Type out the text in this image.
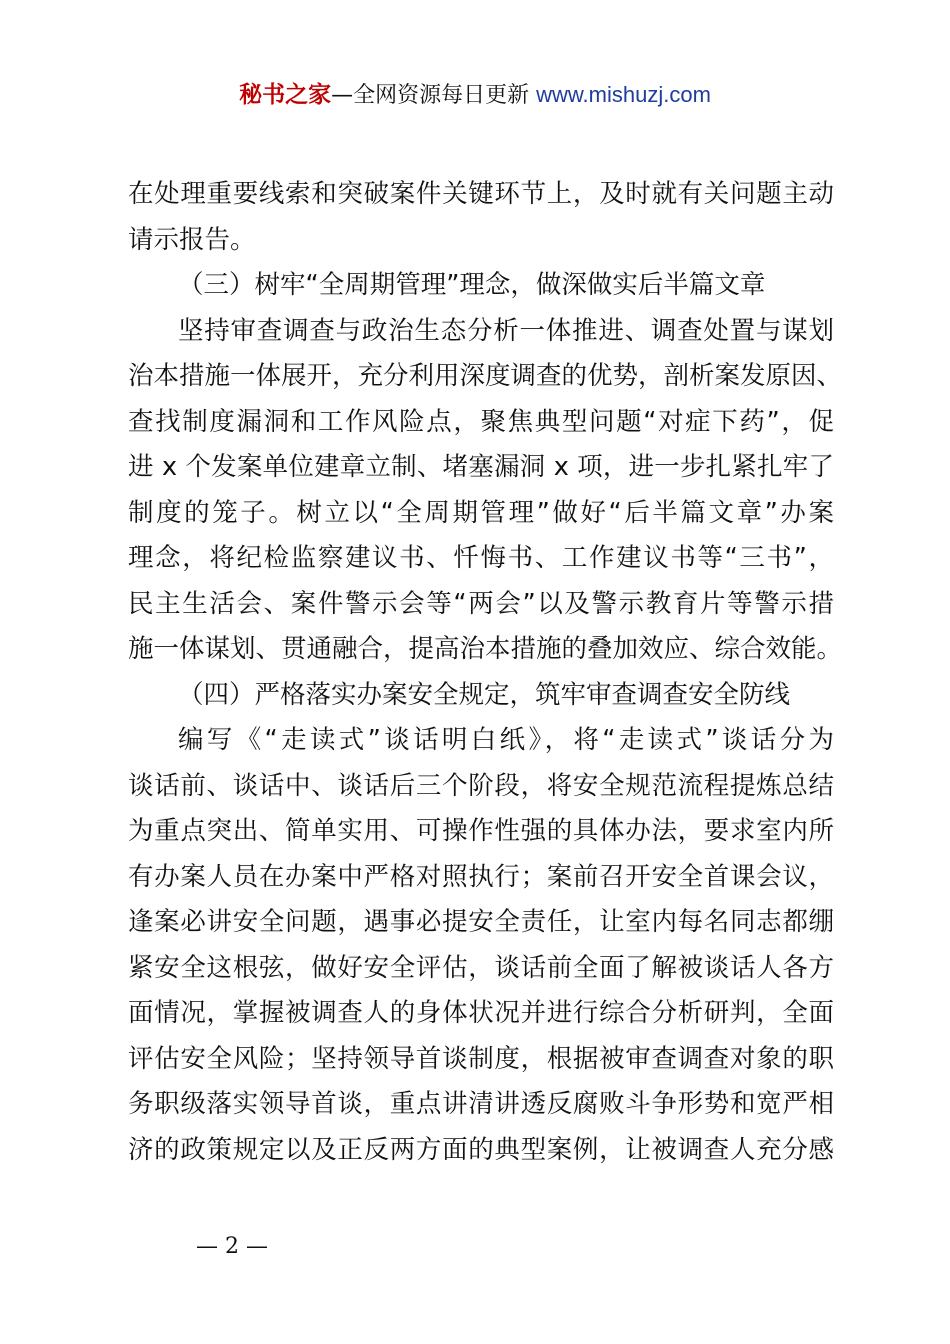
秘书之家—全网资源每日更新 www.mishuzj.com
在处理重要线索和突破案件关键环节上，及时就有关问题主动
请示报告。
（三）树牢“全周期管理”理念，做深做实后半篇文章
坚持审查调查与政治生态分析一体推进、调查处置与谋划
治本措施一体展开，充分利用深度调查的优势，剖析案发原因、
查找制度漏洞和工作风险点，聚焦典型问题“对症下药”，促
进 x 个发案单位建章立制、堵塞漏洞 x 项，进一步扎紧扎牢了
制度的笼子。树立以“全周期管理”做好“后半篇文章”办案
理念，将纪检监察建议书、忏悔书、工作建议书等“三书”，
民主生活会、案件警示会等“两会”以及警示教育片等警示措
施一体谋划、贯通融合，提高治本措施的叠加效应、综合效能。
（四）严格落实办案安全规定，筑牢审查调查安全防线
编写《“走读式”谈话明白纸》，将“走读式”谈话分为
谈话前、谈话中、谈话后三个阶段，将安全规范流程提炼总结
为重点突出、简单实用、可操作性强的具体办法，要求室内所
有办案人员在办案中严格对照执行；案前召开安全首课会议，
逢案必讲安全问题，遇事必提安全责任，让室内每名同志都绷
紧安全这根弦，做好安全评估，谈话前全面了解被谈话人各方
面情况，掌握被调查人的身体状况并进行综合分析研判，全面
评估安全风险；坚持领导首谈制度，根据被审查调查对象的职
务职级落实领导首谈，重点讲清讲透反腐败斗争形势和宽严相
济的政策规定以及正反两方面的典型案例，让被调查人充分感
— 2 —
